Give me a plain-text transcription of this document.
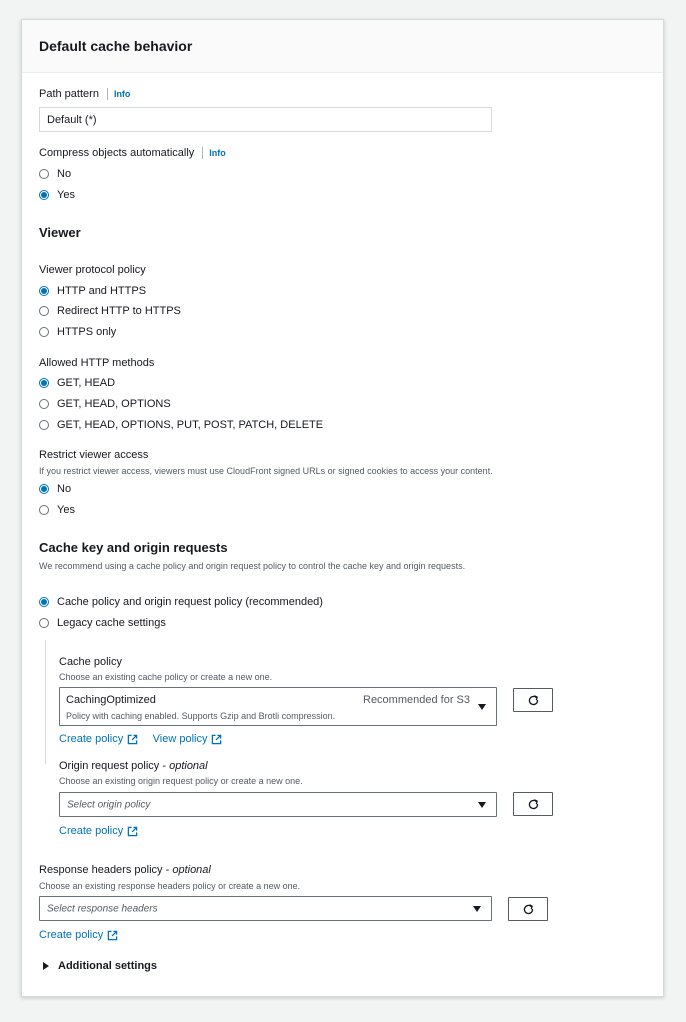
Default cache behavior
Path pattern Info
Default (*)
Compress objects automatically Info
No
Yes
Viewer
Viewer protocol policy
HTTP and HTTPS
Redirect HTTP to HTTPS
HTTPS only
Allowed HTTP methods
GET, HEAD
GET, HEAD, OPTIONS
GET, HEAD, OPTIONS, PUT, POST, PATCH, DELETE
Restrict viewer access
If you restrict viewer access, viewers must use CloudFront signed URLs or signed cookies to access your content.
No
Yes
Cache key and origin requests
We recommend using a cache policy and origin request policy to control the cache key and origin requests.
Cache policy and origin request policy (recommended)
Legacy cache settings
Cache policy
Choose an existing cache policy or create a new one.
CachingOptimized	Recommended for S3
Policy with caching enabled. Supports Gzip and Brotli compression.
Create policy
	View policy
Origin request policy - optional
Choose an existing origin request policy or create a new one.
Select origin policy
Create policy
Response headers policy - optional
Choose an existing response headers policy or create a new one.
Select response headers
Create policy
Additional settings
